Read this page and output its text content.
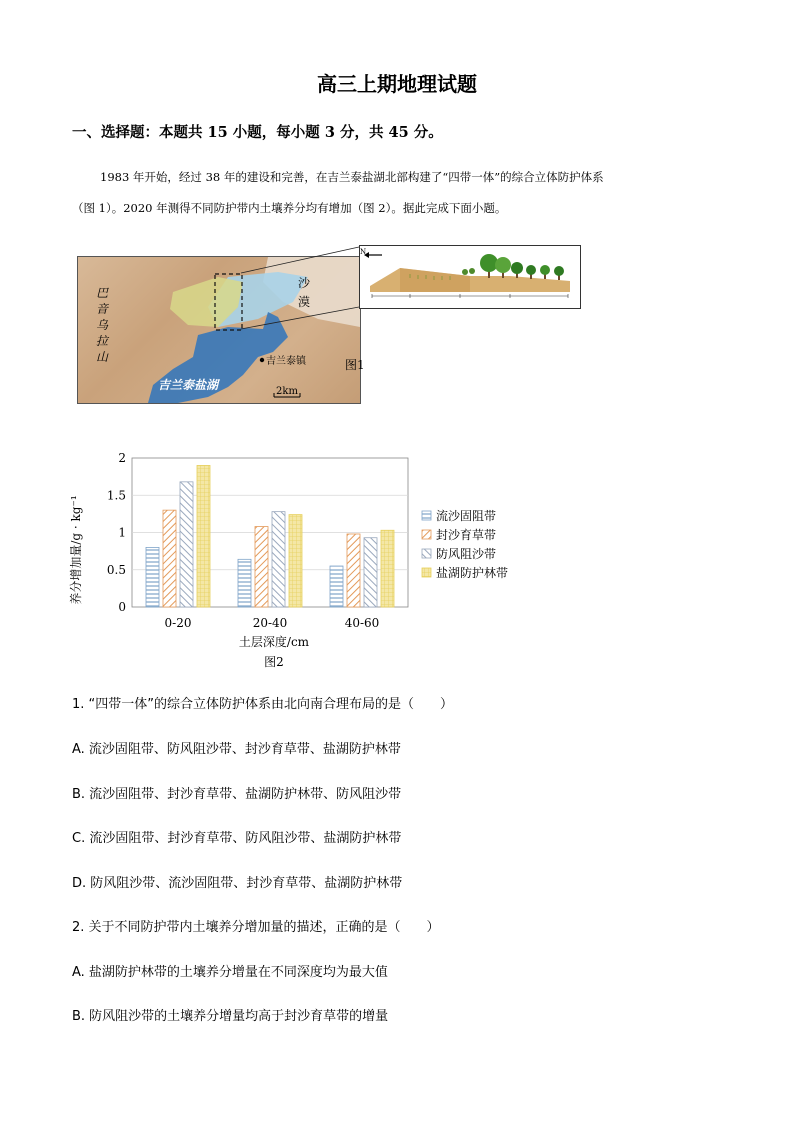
高三上期地理试题
一、选择题：本题共 15 小题，每小题 3 分，共 45 分。
1983 年开始，经过 38 年的建设和完善，在吉兰泰盐湖北部构建了“四带一体”的综合立体防护体系
（图 1）。2020 年测得不同防护带内土壤养分均有增加（图 2）。据此完成下面小题。
2km
巴
音
乌
拉
山
沙
漠
吉兰泰镇
吉兰泰盐湖
N
图1
0
0.5
1
1.5
2
0-20	20-40	40-60
流沙固阻带
封沙育草带
防风阻沙带
盐湖防护林带
养分增加量/g · kg⁻¹
土层深度/cm
图2
1. “四带一体”的综合立体防护体系由北向南合理布局的是（　　）
A. 流沙固阻带、防风阻沙带、封沙育草带、盐湖防护林带
B. 流沙固阻带、封沙育草带、盐湖防护林带、防风阻沙带
C. 流沙固阻带、封沙育草带、防风阻沙带、盐湖防护林带
D. 防风阻沙带、流沙固阻带、封沙育草带、盐湖防护林带
2. 关于不同防护带内土壤养分增加量的描述，正确的是（　　）
A. 盐湖防护林带的土壤养分增量在不同深度均为最大值
B. 防风阻沙带的土壤养分增量均高于封沙育草带的增量
